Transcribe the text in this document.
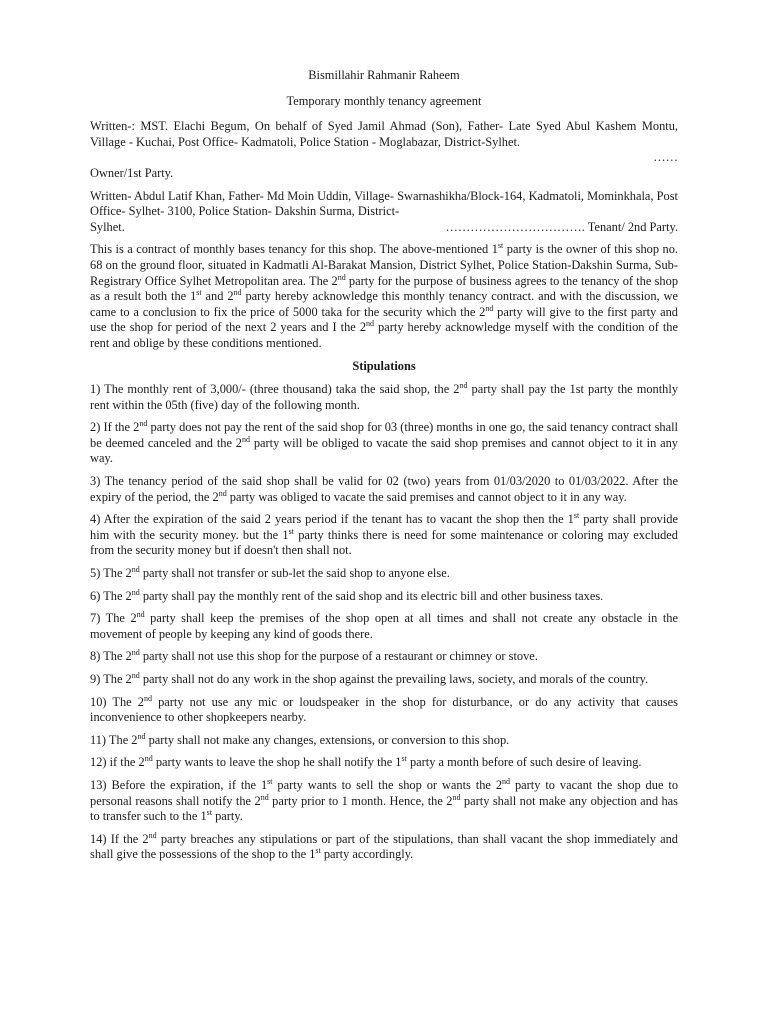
Bismillahir Rahmanir Raheem

Temporary monthly tenancy agreement

Written-: MST. Elachi Begum, On behalf of Syed Jamil Ahmad (Son), Father- Late Syed Abul Kashem Montu, Village - Kuchai, Post Office- Kadmatoli, Police Station - Moglabazar, District-Sylhet.
……
Owner/1st Party.

Written- Abdul Latif Khan, Father- Md Moin Uddin, Village- Swarnashikha/Block-164, Kadmatoli, Mominkhala, Post Office- Sylhet- 3100, Police Station- Dakshin Surma, District-
Sylhet.	……………………………. Tenant/ 2nd Party.

This is a contract of monthly bases tenancy for this shop. The above-mentioned 1st party is the owner of this shop no. 68 on the ground floor, situated in Kadmatli Al-Barakat Mansion, District Sylhet, Police Station-Dakshin Surma, Sub-Registrary Office Sylhet Metropolitan area. The 2nd party for the purpose of business agrees to the tenancy of the shop as a result both the 1st and 2nd party hereby acknowledge this monthly tenancy contract. and with the discussion, we came to a conclusion to fix the price of 5000 taka for the security which the 2nd party will give to the first party and use the shop for period of the next 2 years and I the 2nd party hereby acknowledge myself with the condition of the rent and oblige by these conditions mentioned.

Stipulations

1) The monthly rent of 3,000/- (three thousand) taka the said shop, the 2nd party shall pay the 1st party the monthly rent within the 05th (five) day of the following month.

2) If the 2nd party does not pay the rent of the said shop for 03 (three) months in one go, the said tenancy contract shall be deemed canceled and the 2nd party will be obliged to vacate the said shop premises and cannot object to it in any way.

3) The tenancy period of the said shop shall be valid for 02 (two) years from 01/03/2020 to 01/03/2022. After the expiry of the period, the 2nd party was obliged to vacate the said premises and cannot object to it in any way.

4) After the expiration of the said 2 years period if the tenant has to vacant the shop then the 1st party shall provide him with the security money. but the 1st party thinks there is need for some maintenance or coloring may excluded from the security money but if doesn't then shall not.

5) The 2nd party shall not transfer or sub-let the said shop to anyone else.

6) The 2nd party shall pay the monthly rent of the said shop and its electric bill and other business taxes.

7) The 2nd party shall keep the premises of the shop open at all times and shall not create any obstacle in the movement of people by keeping any kind of goods there.

8) The 2nd party shall not use this shop for the purpose of a restaurant or chimney or stove.

9) The 2nd party shall not do any work in the shop against the prevailing laws, society, and morals of the country.

10) The 2nd party not use any mic or loudspeaker in the shop for disturbance, or do any activity that causes inconvenience to other shopkeepers nearby.

11) The 2nd party shall not make any changes, extensions, or conversion to this shop.

12) if the 2nd party wants to leave the shop he shall notify the 1st party a month before of such desire of leaving.

13) Before the expiration, if the 1st party wants to sell the shop or wants the 2nd party to vacant the shop due to personal reasons shall notify the 2nd party prior to 1 month. Hence, the 2nd party shall not make any objection and has to transfer such to the 1st party.

14) If the 2nd party breaches any stipulations or part of the stipulations, than shall vacant the shop immediately and shall give the possessions of the shop to the 1st party accordingly.
